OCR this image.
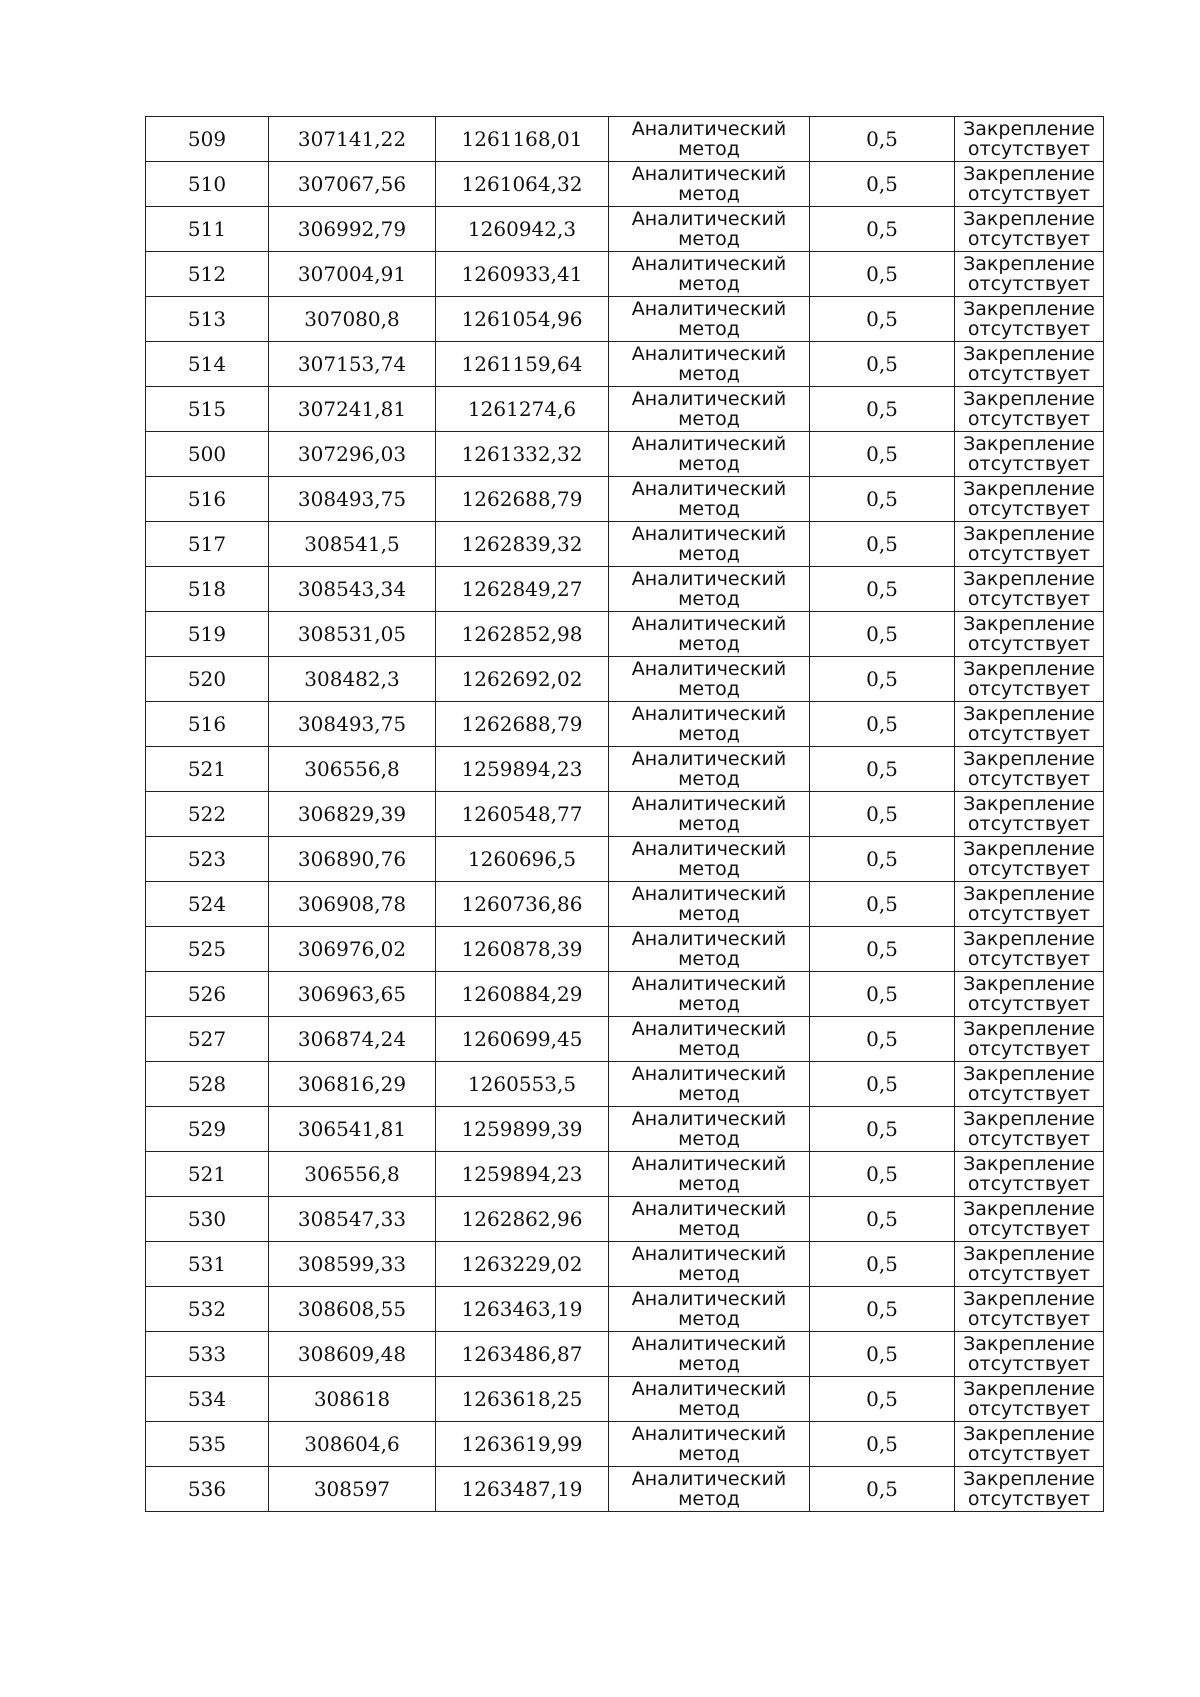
509	307141,22	1261168,01	Аналитический
метод	0,5	Закрепление
отсутствует

510	307067,56	1261064,32	Аналитический
метод	0,5	Закрепление
отсутствует

511	306992,79	1260942,3	Аналитический
метод	0,5	Закрепление
отсутствует

512	307004,91	1260933,41	Аналитический
метод	0,5	Закрепление
отсутствует

513	307080,8	1261054,96	Аналитический
метод	0,5	Закрепление
отсутствует

514	307153,74	1261159,64	Аналитический
метод	0,5	Закрепление
отсутствует

515	307241,81	1261274,6	Аналитический
метод	0,5	Закрепление
отсутствует

500	307296,03	1261332,32	Аналитический
метод	0,5	Закрепление
отсутствует

516	308493,75	1262688,79	Аналитический
метод	0,5	Закрепление
отсутствует

517	308541,5	1262839,32	Аналитический
метод	0,5	Закрепление
отсутствует

518	308543,34	1262849,27	Аналитический
метод	0,5	Закрепление
отсутствует

519	308531,05	1262852,98	Аналитический
метод	0,5	Закрепление
отсутствует

520	308482,3	1262692,02	Аналитический
метод	0,5	Закрепление
отсутствует

516	308493,75	1262688,79	Аналитический
метод	0,5	Закрепление
отсутствует

521	306556,8	1259894,23	Аналитический
метод	0,5	Закрепление
отсутствует

522	306829,39	1260548,77	Аналитический
метод	0,5	Закрепление
отсутствует

523	306890,76	1260696,5	Аналитический
метод	0,5	Закрепление
отсутствует

524	306908,78	1260736,86	Аналитический
метод	0,5	Закрепление
отсутствует

525	306976,02	1260878,39	Аналитический
метод	0,5	Закрепление
отсутствует

526	306963,65	1260884,29	Аналитический
метод	0,5	Закрепление
отсутствует

527	306874,24	1260699,45	Аналитический
метод	0,5	Закрепление
отсутствует

528	306816,29	1260553,5	Аналитический
метод	0,5	Закрепление
отсутствует

529	306541,81	1259899,39	Аналитический
метод	0,5	Закрепление
отсутствует

521	306556,8	1259894,23	Аналитический
метод	0,5	Закрепление
отсутствует

530	308547,33	1262862,96	Аналитический
метод	0,5	Закрепление
отсутствует

531	308599,33	1263229,02	Аналитический
метод	0,5	Закрепление
отсутствует

532	308608,55	1263463,19	Аналитический
метод	0,5	Закрепление
отсутствует

533	308609,48	1263486,87	Аналитический
метод	0,5	Закрепление
отсутствует

534	308618	1263618,25	Аналитический
метод	0,5	Закрепление
отсутствует

535	308604,6	1263619,99	Аналитический
метод	0,5	Закрепление
отсутствует

536	308597	1263487,19	Аналитический
метод	0,5	Закрепление
отсутствует
